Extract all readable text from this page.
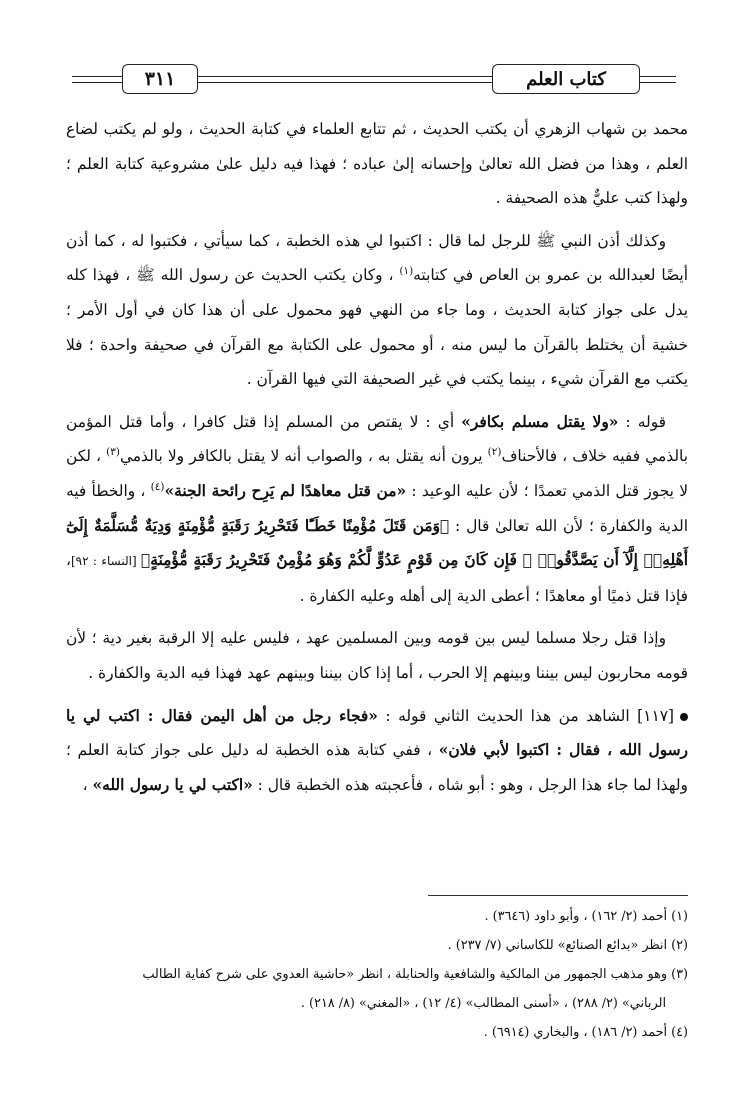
٣١١	كتاب العلم

محمد بن شهاب الزهري أن يكتب الحديث ، ثم تتابع العلماء في كتابة الحديث ، ولو لم يكتب لضاع العلم ، وهذا من فضل الله تعالىٰ وإحسانه إلىٰ عباده ؛ فهذا فيه دليل علىٰ مشروعية كتابة العلم ؛ ولهذا كتب عليٌّ هذه الصحيفة .

وكذلك أذن النبي ﷺ للرجل لما قال : اكتبوا لي هذه الخطبة ، كما سيأتي ، فكتبوا له ، كما أذن أيضًا لعبدالله بن عمرو بن العاص في كتابته$^{(١)}$ ، وكان يكتب الحديث عن رسول الله ﷺ ، فهذا كله يدل على جواز كتابة الحديث ، وما جاء من النهي فهو محمول على أن هذا كان في أول الأمر ؛ خشية أن يختلط بالقرآن ما ليس منه ، أو محمول على الكتابة مع القرآن في صحيفة واحدة ؛ فلا يكتب مع القرآن شيء ، بينما يكتب في غير الصحيفة التي فيها القرآن .

قوله : «ولا يقتل مسلم بكافر» أي : لا يقتص من المسلم إذا قتل كافرا ، وأما قتل المؤمن بالذمي ففيه خلاف ، فالأحناف$^{(٢)}$ يرون أنه يقتل به ، والصواب أنه لا يقتل بالكافر ولا بالذمي$^{(٣)}$ ، لكن لا يجوز قتل الذمي تعمدًا ؛ لأن عليه الوعيد : «من قتل معاهدًا لم يَرِح رائحة الجنة»$^{(٤)}$ ، والخطأ فيه الدية والكفارة ؛ لأن الله تعالىٰ قال : ﴿وَمَن قَتَلَ مُؤْمِنًا خَطَـًٔا فَتَحْرِيرُ رَقَبَةٍ مُّؤْمِنَةٍ وَدِيَةٌ مُّسَلَّمَةٌ إِلَىٰٓ أَهْلِهِۦٓ إِلَّآ أَن يَصَّدَّقُوا۟ ۚ فَإِن كَانَ مِن قَوْمٍ عَدُوٍّ لَّكُمْ وَهُوَ مُؤْمِنٌ فَتَحْرِيرُ رَقَبَةٍ مُّؤْمِنَةٍ﴾ [النساء : ٩٢]، فإذا قتل ذميًا أو معاهدًا ؛ أعطى الدية إلى أهله وعليه الكفارة .

وإذا قتل رجلا مسلما ليس بين قومه وبين المسلمين عهد ، فليس عليه إلا الرقبة بغير دية ؛ لأن قومه محاربون ليس بيننا وبينهم إلا الحرب ، أما إذا كان بيننا وبينهم عهد فهذا فيه الدية والكفارة .

[١١٧] الشاهد من هذا الحديث الثاني قوله : «فجاء رجل من أهل اليمن فقال : اكتب لي يا رسول الله ، فقال : اكتبوا لأبي فلان» ، ففي كتابة هذه الخطبة له دليل على جواز كتابة العلم ؛ ولهذا لما جاء هذا الرجل ، وهو : أبو شاه ، فأعجبته هذه الخطبة قال : «اكتب لي يا رسول الله» ،

(١) أحمد (٢/ ١٦٢) ، وأبو داود (٣٦٤٦) .

(٢) انظر «بدائع الصنائع» للكاساني (٧/ ٢٣٧) .

(٣) وهو مذهب الجمهور من المالكية والشافعية والحنابلة ، انظر «حاشية العدوي على شرح كفاية الطالب

الرباني» (٢/ ٢٨٨) ، «أسنى المطالب» (٤/ ١٢) ، «المغني» (٨/ ٢١٨) .

(٤) أحمد (٢/ ١٨٦) ، والبخاري (٦٩١٤) .
